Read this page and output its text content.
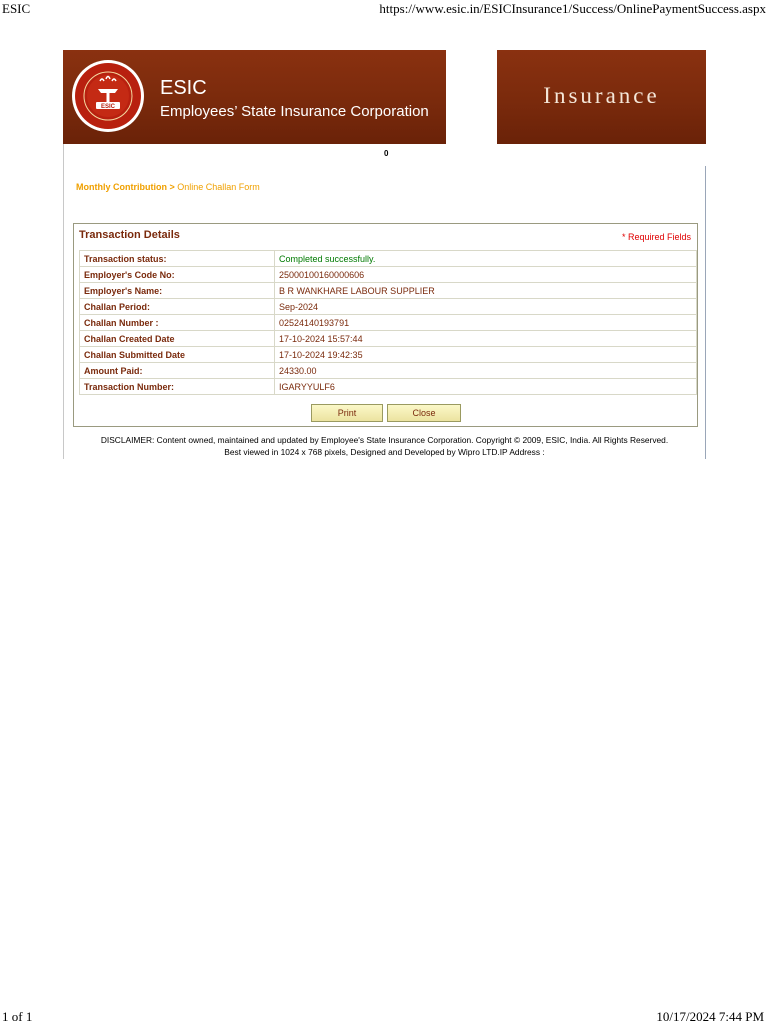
ESIC	https://www.esic.in/ESICInsurance1/Success/OnlinePaymentSuccess.aspx
ESIC
ESIC
Employees’ State Insurance Corporation
Insurance
0
Monthly Contribution > Online Challan Form
Transaction Details	* Required Fields
Transaction status:	Completed successfully.
Employer's Code No:	25000100160000606
Employer's Name:	B R WANKHARE LABOUR SUPPLIER
Challan Period:	Sep-2024
Challan Number :	02524140193791
Challan Created Date	17-10-2024 15:57:44
Challan Submitted Date	17-10-2024 19:42:35
Amount Paid:	24330.00
Transaction Number:	IGARYYULF6
Print	Close
DISCLAIMER: Content owned, maintained and updated by Employee's State Insurance Corporation. Copyright © 2009, ESIC, India. All Rights Reserved.
Best viewed in 1024 x 768 pixels, Designed and Developed by Wipro LTD.IP Address :
1 of 1	10/17/2024 7:44 PM
